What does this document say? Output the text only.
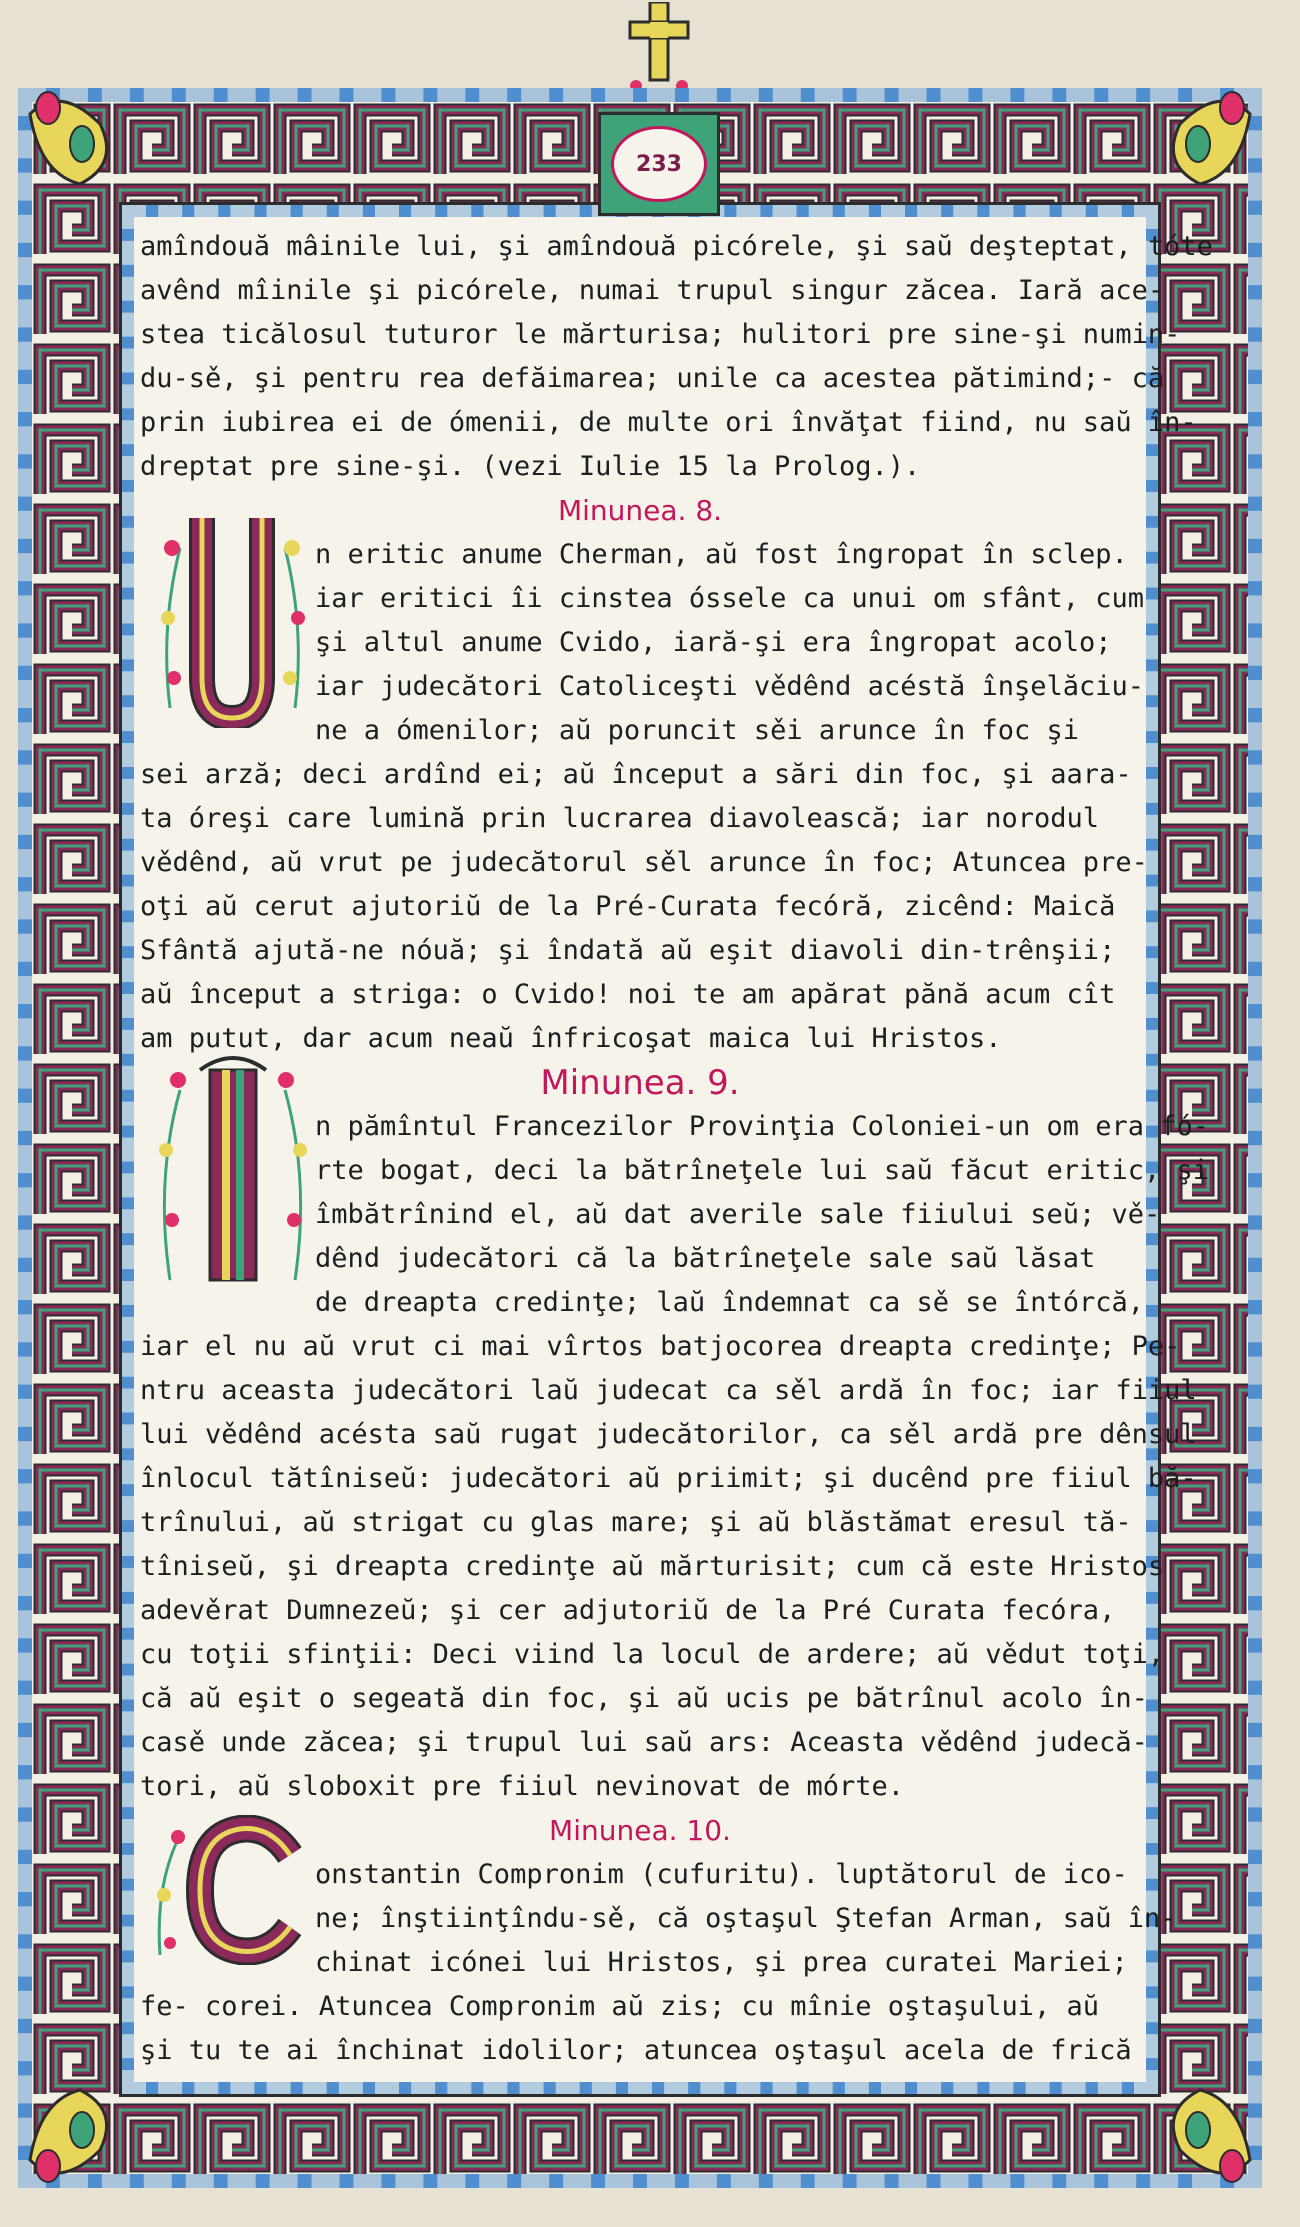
233
amîndouă mâinile lui, şi amîndouă picórele, şi saŭ deşteptat, tóte
avênd mîinile şi picórele, numai trupul singur zăcea. Iară ace-
stea ticălosul tuturor le mărturisa; hulitori pre sine-şi numin-
du-sě, şi pentru rea defăimarea; unile ca acestea pătimind;- că
prin iubirea ei de ómenii, de multe ori învăţat fiind, nu saŭ în-
dreptat pre sine-şi. (vezi Iulie 15 la Prolog.).
Minunea. 8.
n eritic anume Cherman, aŭ fost îngropat în sclep.
iar eritici îi cinstea óssele ca unui om sfânt, cum
şi altul anume Cvido, iară-şi era îngropat acolo;
iar judecători Catoliceşti vědênd acéstă înşelăciu-
ne a ómenilor; aŭ poruncit sěi arunce în foc şi
sei arză; deci ardînd ei; aŭ început a sări din foc, şi aara-
ta óreşi care lumină prin lucrarea diavolească; iar norodul
vědênd, aŭ vrut pe judecătorul sěl arunce în foc; Atuncea pre-
oţi aŭ cerut ajutoriŭ de la Pré-Curata fecóră, zicênd: Maică
Sfântă ajută-ne nóuă; şi îndată aŭ eşit diavoli din-trênşii;
aŭ început a striga: o Cvido! noi te am apărat pănă acum cît
am putut, dar acum neaŭ înfricoşat maica lui Hristos.
Minunea. 9.
n pămîntul Francezilor Provinţia Coloniei-un om era fó-
rte bogat, deci la bătrîneţele lui saŭ făcut eritic, şi
îmbătrînind el, aŭ dat averile sale fiiului seŭ; vě-
dênd judecători că la bătrîneţele sale saŭ lăsat
de dreapta credinţe; laŭ îndemnat ca sě se întórcă,
iar el nu aŭ vrut ci mai vîrtos batjocorea dreapta credinţe; Pe-
ntru aceasta judecători laŭ judecat ca sěl ardă în foc; iar fiiul
lui vědênd acésta saŭ rugat judecătorilor, ca sěl ardă pre dênsul
înlocul tătîniseŭ: judecători aŭ priimit; şi ducênd pre fiiul bă-
trînului, aŭ strigat cu glas mare; şi aŭ blăstămat eresul tă-
tîniseŭ, şi dreapta credinţe aŭ mărturisit; cum că este Hristos
adevěrat Dumnezeŭ; şi cer adjutoriŭ de la Pré Curata fecóra,
cu toţii sfinţii: Deci viind la locul de ardere; aŭ vědut toţi,
că aŭ eşit o segeată din foc, şi aŭ ucis pe bătrînul acolo în-
casě unde zăcea; şi trupul lui saŭ ars: Aceasta vědênd judecă-
tori, aŭ sloboxit pre fiiul nevinovat de mórte.
Minunea. 10.
onstantin Compronim (cufuritu). luptătorul de ico-
ne; înştiinţîndu-sě, că oştaşul Ştefan Arman, saŭ în-
chinat icónei lui Hristos, şi prea curatei Mariei;
fe- corei. Atuncea Compronim aŭ zis; cu mînie oştaşului, aŭ
şi tu te ai închinat idolilor; atuncea oştaşul acela de frică
